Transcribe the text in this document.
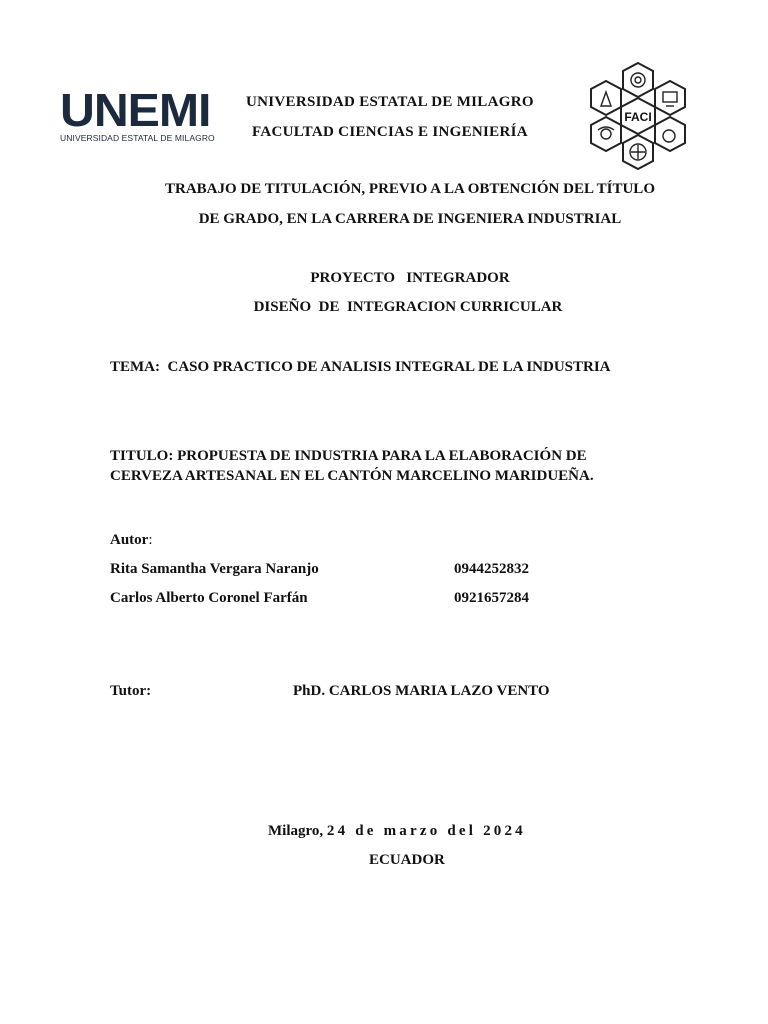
UNEMI
UNIVERSIDAD ESTATAL DE MILAGRO
UNIVERSIDAD ESTATAL DE MILAGRO
FACULTAD CIENCIAS E INGENIERÍA
FACI
TRABAJO DE TITULACIÓN, PREVIO A LA OBTENCIÓN DEL TÍTULO
DE GRADO, EN LA CARRERA DE INGENIERA INDUSTRIAL
PROYECTO   INTEGRADOR
DISEÑO  DE  INTEGRACION CURRICULAR
TEMA:  CASO PRACTICO DE ANALISIS INTEGRAL DE LA INDUSTRIA
TITULO: PROPUESTA DE INDUSTRIA PARA LA ELABORACIÓN DE
CERVEZA ARTESANAL EN EL CANTÓN MARCELINO MARIDUEÑA.
Autor:
Rita Samantha Vergara Naranjo	0944252832
Carlos Alberto Coronel Farfán	0921657284
Tutor:	PhD. CARLOS MARIA LAZO VENTO
Milagro, 24 de marzo del 2024
ECUADOR
